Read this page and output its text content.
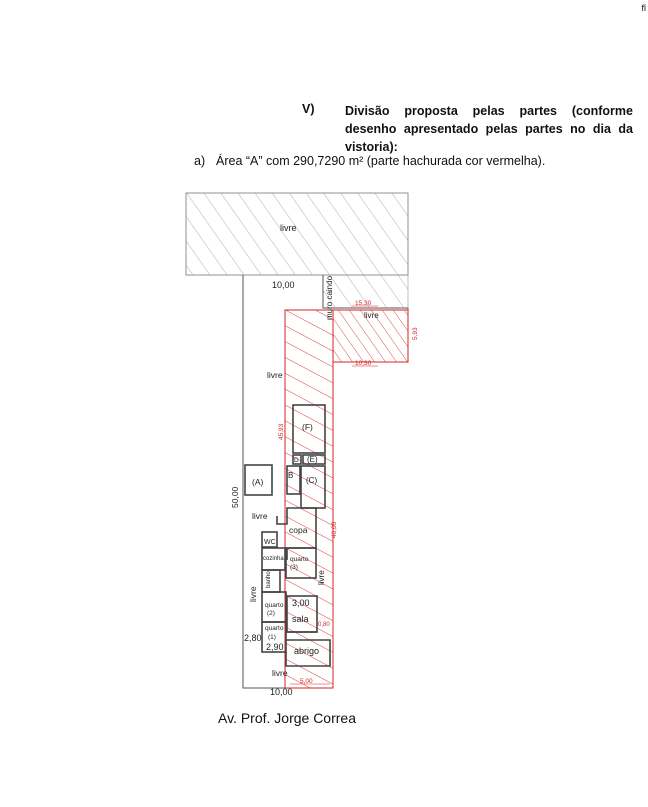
fl
V) Divisão proposta pelas partes (conforme desenho apresentado pelas partes no dia da vistoria):
a) Área “A” com 290,7290 m² (parte hachurada cor vermelha).
livre
10,00	muro caindo	livre
15,30
5,93
10,30
livre
45,93 (F)
D (E)
B
(C)
(A)
50,00
livre
copa	40,00
WC
cozinha quarto
(3)
banho	livre
livre
quarto
(2)
3,00
sala
0,80
quarto
(1)
2,80
2,90 abrigo
livre
5,00
10,00
Av. Prof. Jorge Correa
